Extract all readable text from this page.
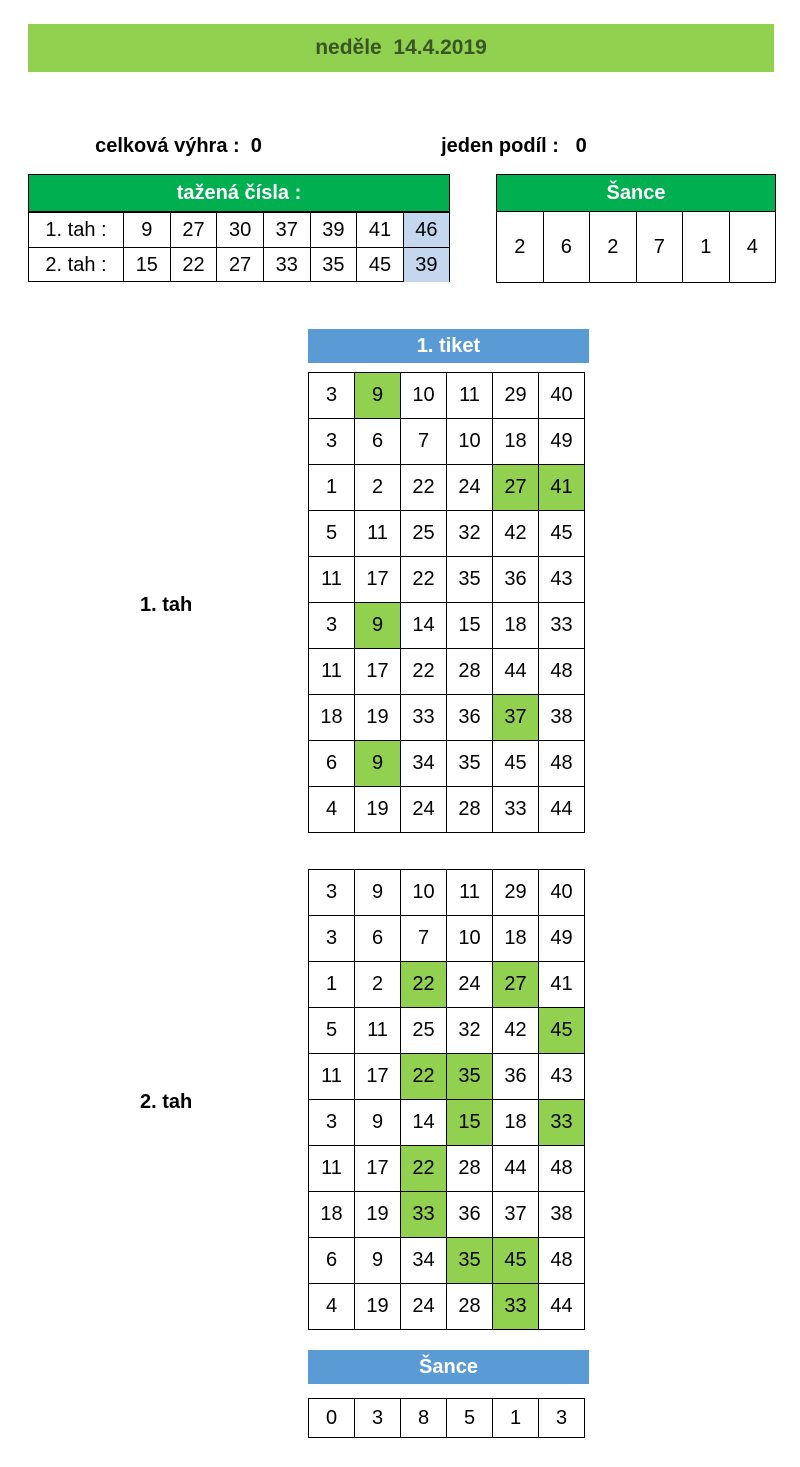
neděle  14.4.2019

celková výhra : 0	jeden podíl : 0

tažená čísla :
1. tah :	9	27	30	37	39	41	46
2. tah :	15	22	27	33	35	45	39
Šance
2	6	2	7	1	4
1. tiket
1. tah
3	9	10	11	29	40
3	6	7	10	18	49
1	2	22	24	27	41
5	11	25	32	42	45
11	17	22	35	36	43
3	9	14	15	18	33
11	17	22	28	44	48
18	19	33	36	37	38
6	9	34	35	45	48
4	19	24	28	33	44
2. tah
3	9	10	11	29	40
3	6	7	10	18	49
1	2	22	24	27	41
5	11	25	32	42	45
11	17	22	35	36	43
3	9	14	15	18	33
11	17	22	28	44	48
18	19	33	36	37	38
6	9	34	35	45	48
4	19	24	28	33	44
Šance
0	3	8	5	1	3
